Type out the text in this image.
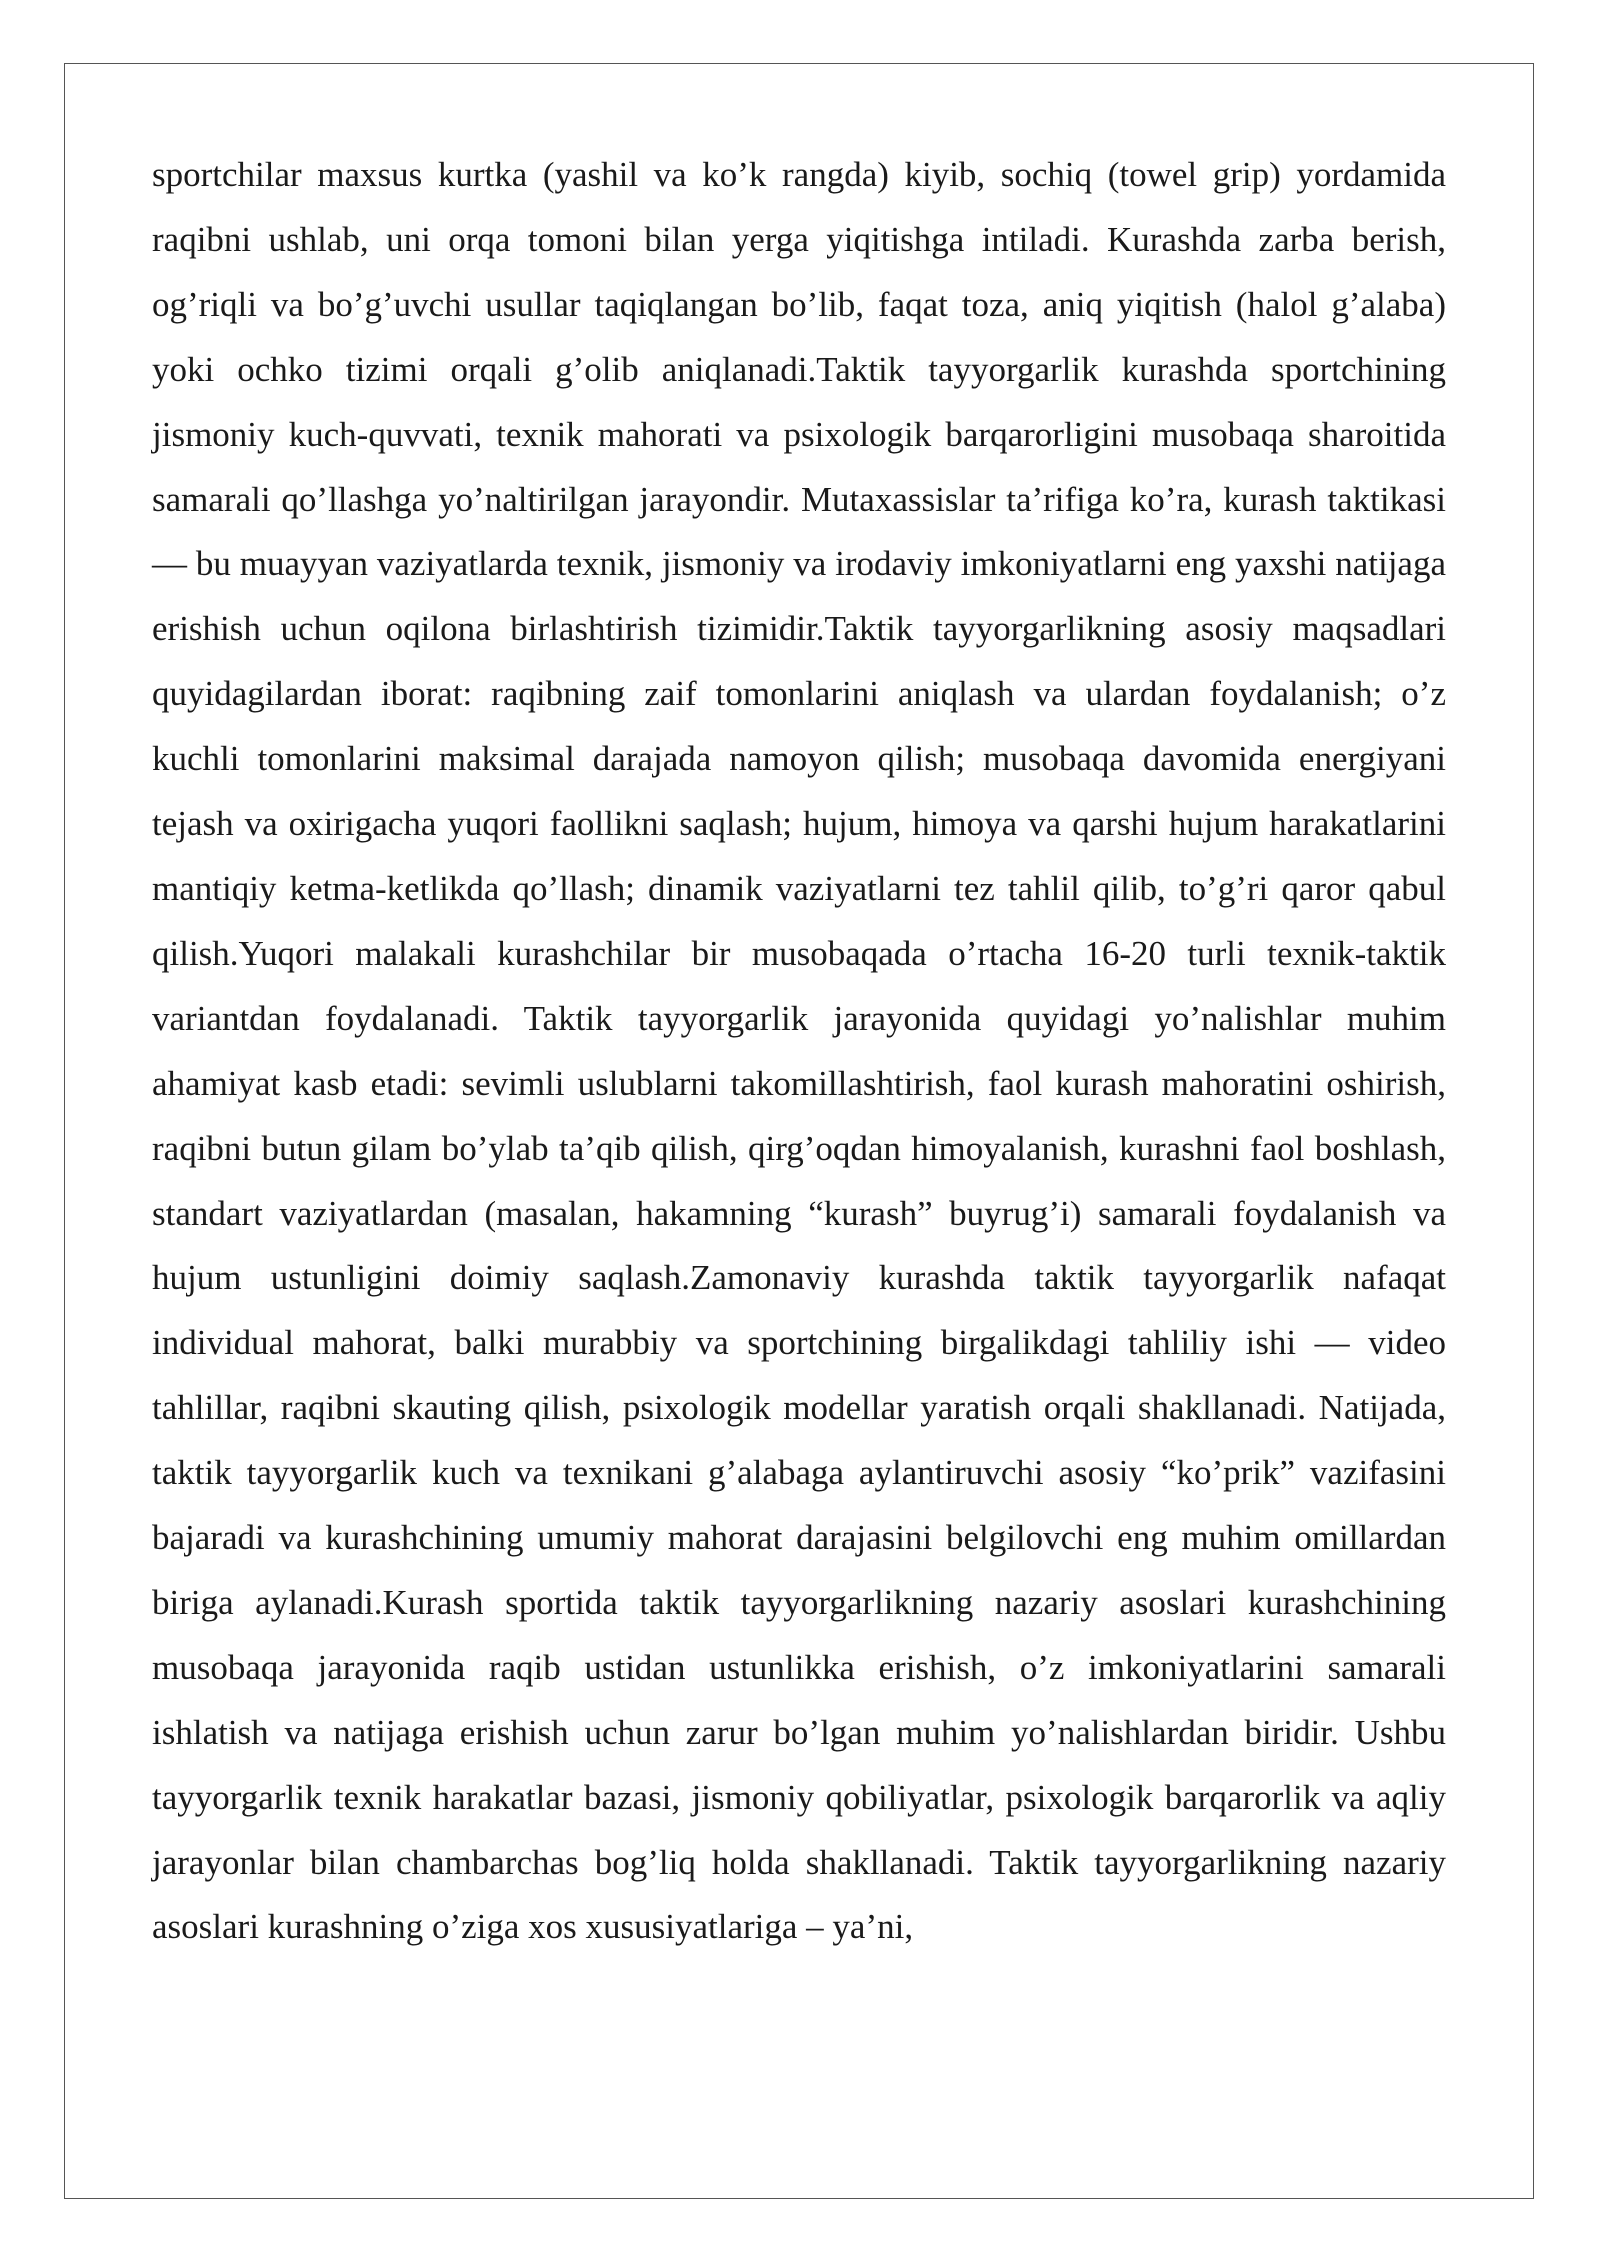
sportchilar maxsus kurtka (yashil va ko’k rangda) kiyib, sochiq (towel grip) yordamida raqibni ushlab, uni orqa tomoni bilan yerga yiqitishga intiladi. Kurashda zarba berish, og’riqli va bo’g’uvchi usullar taqiqlangan bo’lib, faqat toza, aniq yiqitish (halol g’alaba) yoki ochko tizimi orqali g’olib aniqlanadi.Taktik tayyorgarlik kurashda sportchining jismoniy kuch-quvvati, texnik mahorati va psixologik barqarorligini musobaqa sharoitida samarali qo’llashga yo’naltirilgan jarayondir. Mutaxassislar ta’rifiga ko’ra, kurash taktikasi — bu muayyan vaziyatlarda texnik, jismoniy va irodaviy imkoniyatlarni eng yaxshi natijaga erishish uchun oqilona birlashtirish tizimidir.Taktik tayyorgarlikning asosiy maqsadlari quyidagilardan iborat: raqibning zaif tomonlarini aniqlash va ulardan foydalanish; o’z kuchli tomonlarini maksimal darajada namoyon qilish; musobaqa davomida energiyani tejash va oxirigacha yuqori faollikni saqlash; hujum, himoya va qarshi hujum harakatlarini mantiqiy ketma-ketlikda qo’llash; dinamik vaziyatlarni tez tahlil qilib, to’g’ri qaror qabul qilish.Yuqori malakali kurashchilar bir musobaqada o’rtacha 16-20 turli texnik-taktik variantdan foydalanadi. Taktik tayyorgarlik jarayonida quyidagi yo’nalishlar muhim ahamiyat kasb etadi: sevimli uslublarni takomillashtirish, faol kurash mahoratini oshirish, raqibni butun gilam bo’ylab ta’qib qilish, qirg’oqdan himoyalanish, kurashni faol boshlash, standart vaziyatlardan (masalan, hakamning “kurash” buyrug’i) samarali foydalanish va hujum ustunligini doimiy saqlash.Zamonaviy kurashda taktik tayyorgarlik nafaqat individual mahorat, balki murabbiy va sportchining birgalikdagi tahliliy ishi — video tahlillar, raqibni skauting qilish, psixologik modellar yaratish orqali shakllanadi. Natijada, taktik tayyorgarlik kuch va texnikani g’alabaga aylantiruvchi asosiy “ko’prik” vazifasini bajaradi va kurashchining umumiy mahorat darajasini belgilovchi eng muhim omillardan biriga aylanadi.Kurash sportida taktik tayyorgarlikning nazariy asoslari kurashchining musobaqa jarayonida raqib ustidan ustunlikka erishish, o’z imkoniyatlarini samarali ishlatish va natijaga erishish uchun zarur bo’lgan muhim yo’nalishlardan biridir. Ushbu tayyorgarlik texnik harakatlar bazasi, jismoniy qobiliyatlar, psixologik barqarorlik va aqliy jarayonlar bilan chambarchas bog’liq holda shakllanadi. Taktik tayyorgarlikning nazariy asoslari kurashning o’ziga xos xususiyatlariga – ya’ni,
